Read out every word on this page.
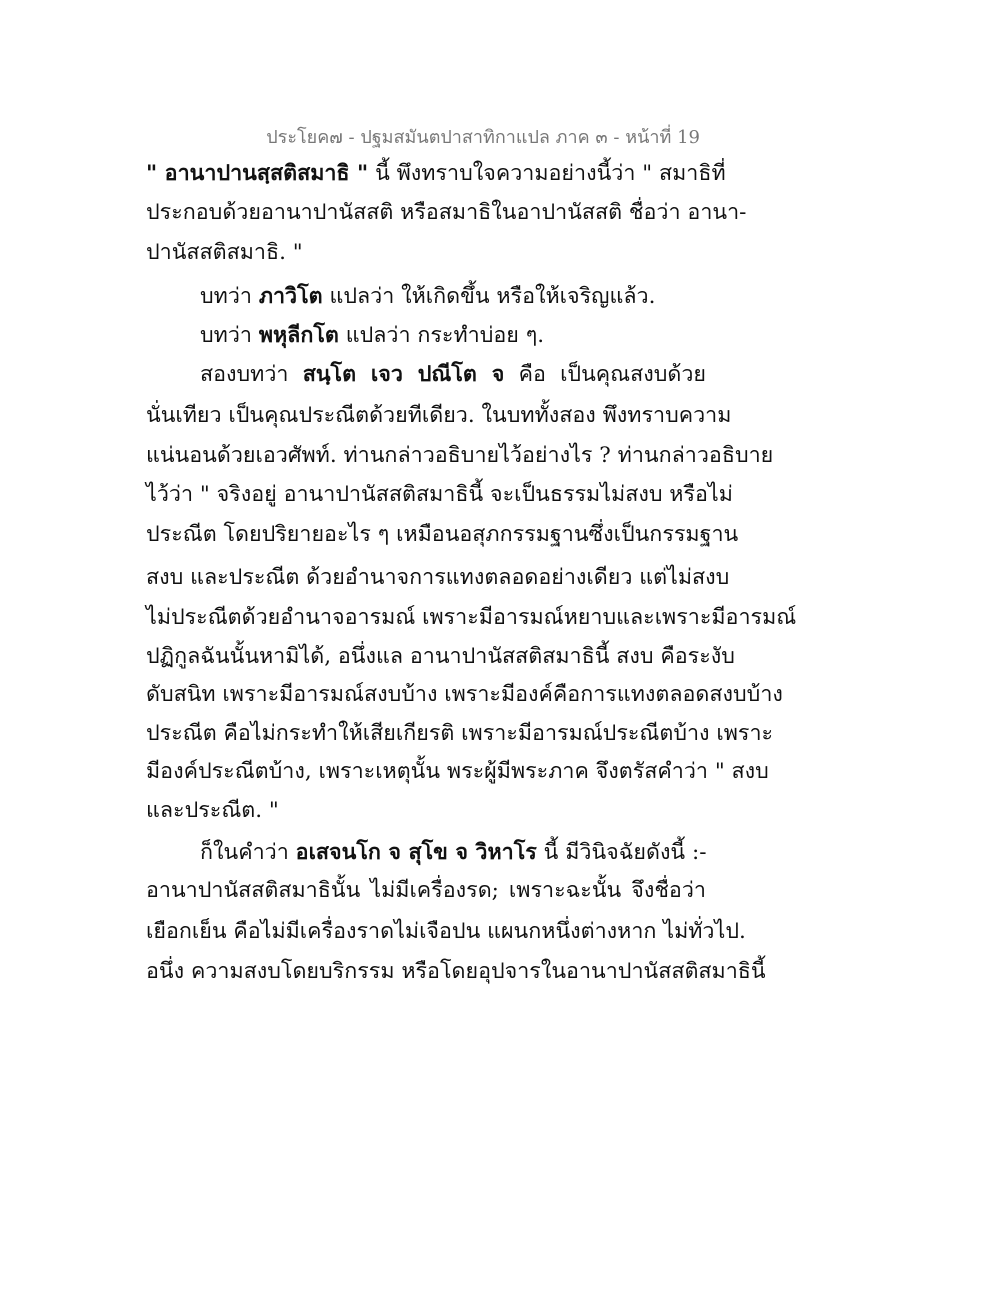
ประโยค๗ - ปฐมสมันตปาสาทิกาแปล ภาค ๓ - หน้าที่ 19
" อานาปานสฺสติสมาธิ " นี้ พึงทราบใจความอย่างนี้ว่า " สมาธิที่
ประกอบด้วยอานาปานัสสติ หรือสมาธิในอาปานัสสติ ชื่อว่า อานา-
ปานัสสติสมาธิ. "
บทว่า ภาวิโต แปลว่า ให้เกิดขึ้น หรือให้เจริญแล้ว.
บทว่า พหุลีกโต แปลว่า กระทำบ่อย ๆ.
สองบทว่า สนฺโต เจว ปณีโต จ คือ เป็นคุณสงบด้วย
นั่นเทียว เป็นคุณประณีตด้วยทีเดียว. ในบททั้งสอง พึงทราบความ
แน่นอนด้วยเอวศัพท์. ท่านกล่าวอธิบายไว้อย่างไร ? ท่านกล่าวอธิบาย
ไว้ว่า " จริงอยู่ อานาปานัสสติสมาธินี้ จะเป็นธรรมไม่สงบ หรือไม่
ประณีต โดยปริยายอะไร ๆ เหมือนอสุภกรรมฐานซึ่งเป็นกรรมฐาน
สงบ และประณีต ด้วยอำนาจการแทงตลอดอย่างเดียว แต่ไม่สงบ
ไม่ประณีตด้วยอำนาจอารมณ์ เพราะมีอารมณ์หยาบและเพราะมีอารมณ์
ปฏิกูลฉันนั้นหามิได้, อนึ่งแล อานาปานัสสติสมาธินี้ สงบ คือระงับ
ดับสนิท เพราะมีอารมณ์สงบบ้าง เพราะมีองค์คือการแทงตลอดสงบบ้าง
ประณีต คือไม่กระทำให้เสียเกียรติ เพราะมีอารมณ์ประณีตบ้าง เพราะ
มีองค์ประณีตบ้าง, เพราะเหตุนั้น พระผู้มีพระภาค จึงตรัสคำว่า " สงบ
และประณีต. "
ก็ในคำว่า อเสจนโก จ สุโข จ วิหาโร นี้ มีวินิจฉัยดังนี้ :-
อานาปานัสสติสมาธินั้น ไม่มีเครื่องรด; เพราะฉะนั้น จึงชื่อว่า
เยือกเย็น คือไม่มีเครื่องราดไม่เจือปน แผนกหนึ่งต่างหาก ไม่ทั่วไป.
อนึ่ง ความสงบโดยบริกรรม หรือโดยอุปจารในอานาปานัสสติสมาธินี้
